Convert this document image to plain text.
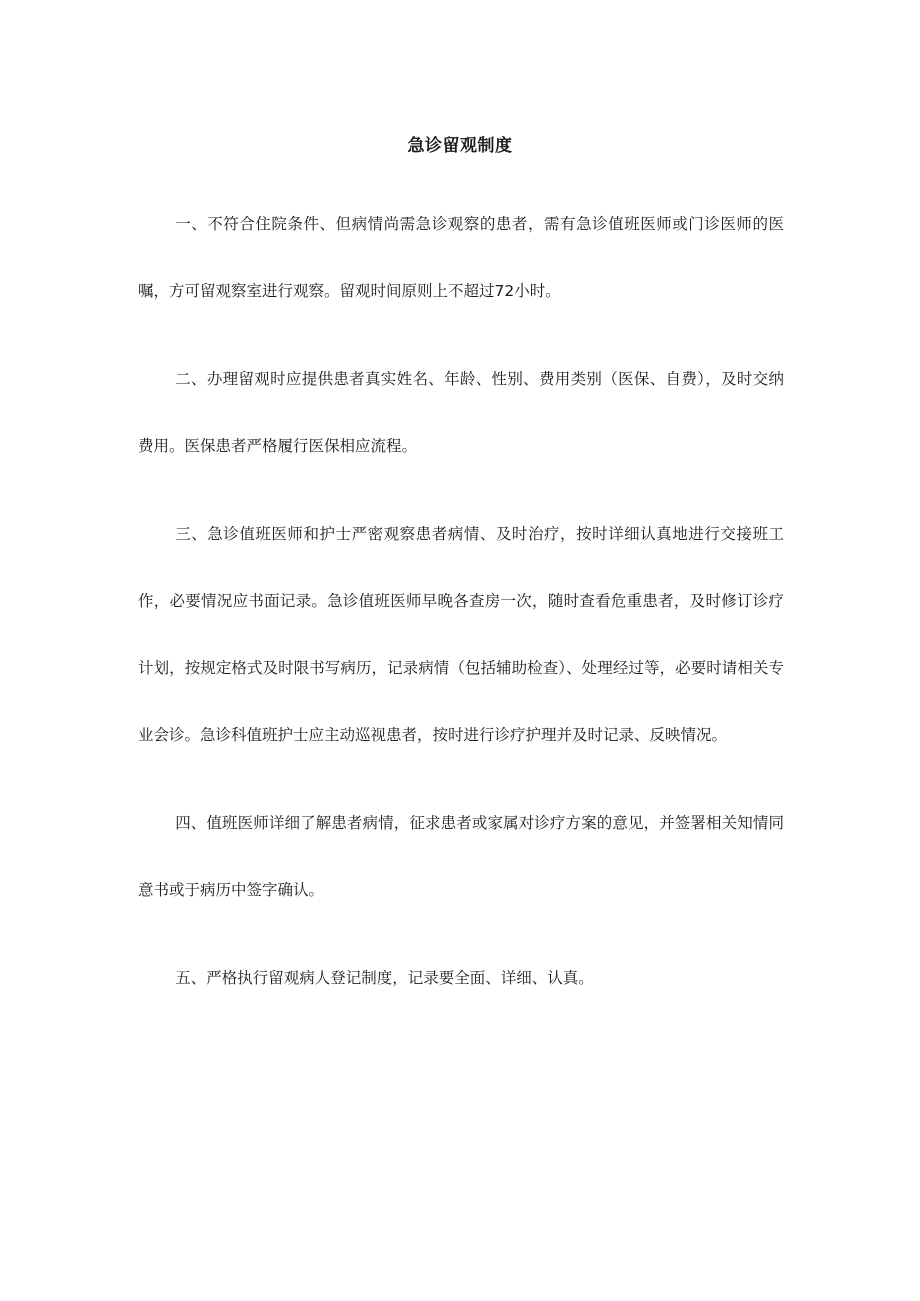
急诊留观制度

一、不符合住院条件、但病情尚需急诊观察的患者，需有急诊值班医师或门诊医师的医嘱，方可留观察室进行观察。留观时间原则上不超过72小时。

二、办理留观时应提供患者真实姓名、年龄、性别、费用类别（医保、自费），及时交纳费用。医保患者严格履行医保相应流程。

三、急诊值班医师和护士严密观察患者病情、及时治疗，按时详细认真地进行交接班工作，必要情况应书面记录。急诊值班医师早晚各查房一次，随时查看危重患者，及时修订诊疗计划，按规定格式及时限书写病历，记录病情（包括辅助检查）、处理经过等，必要时请相关专业会诊。急诊科值班护士应主动巡视患者，按时进行诊疗护理并及时记录、反映情况。

四、值班医师详细了解患者病情，征求患者或家属对诊疗方案的意见，并签署相关知情同意书或于病历中签字确认。

五、严格执行留观病人登记制度，记录要全面、详细、认真。
